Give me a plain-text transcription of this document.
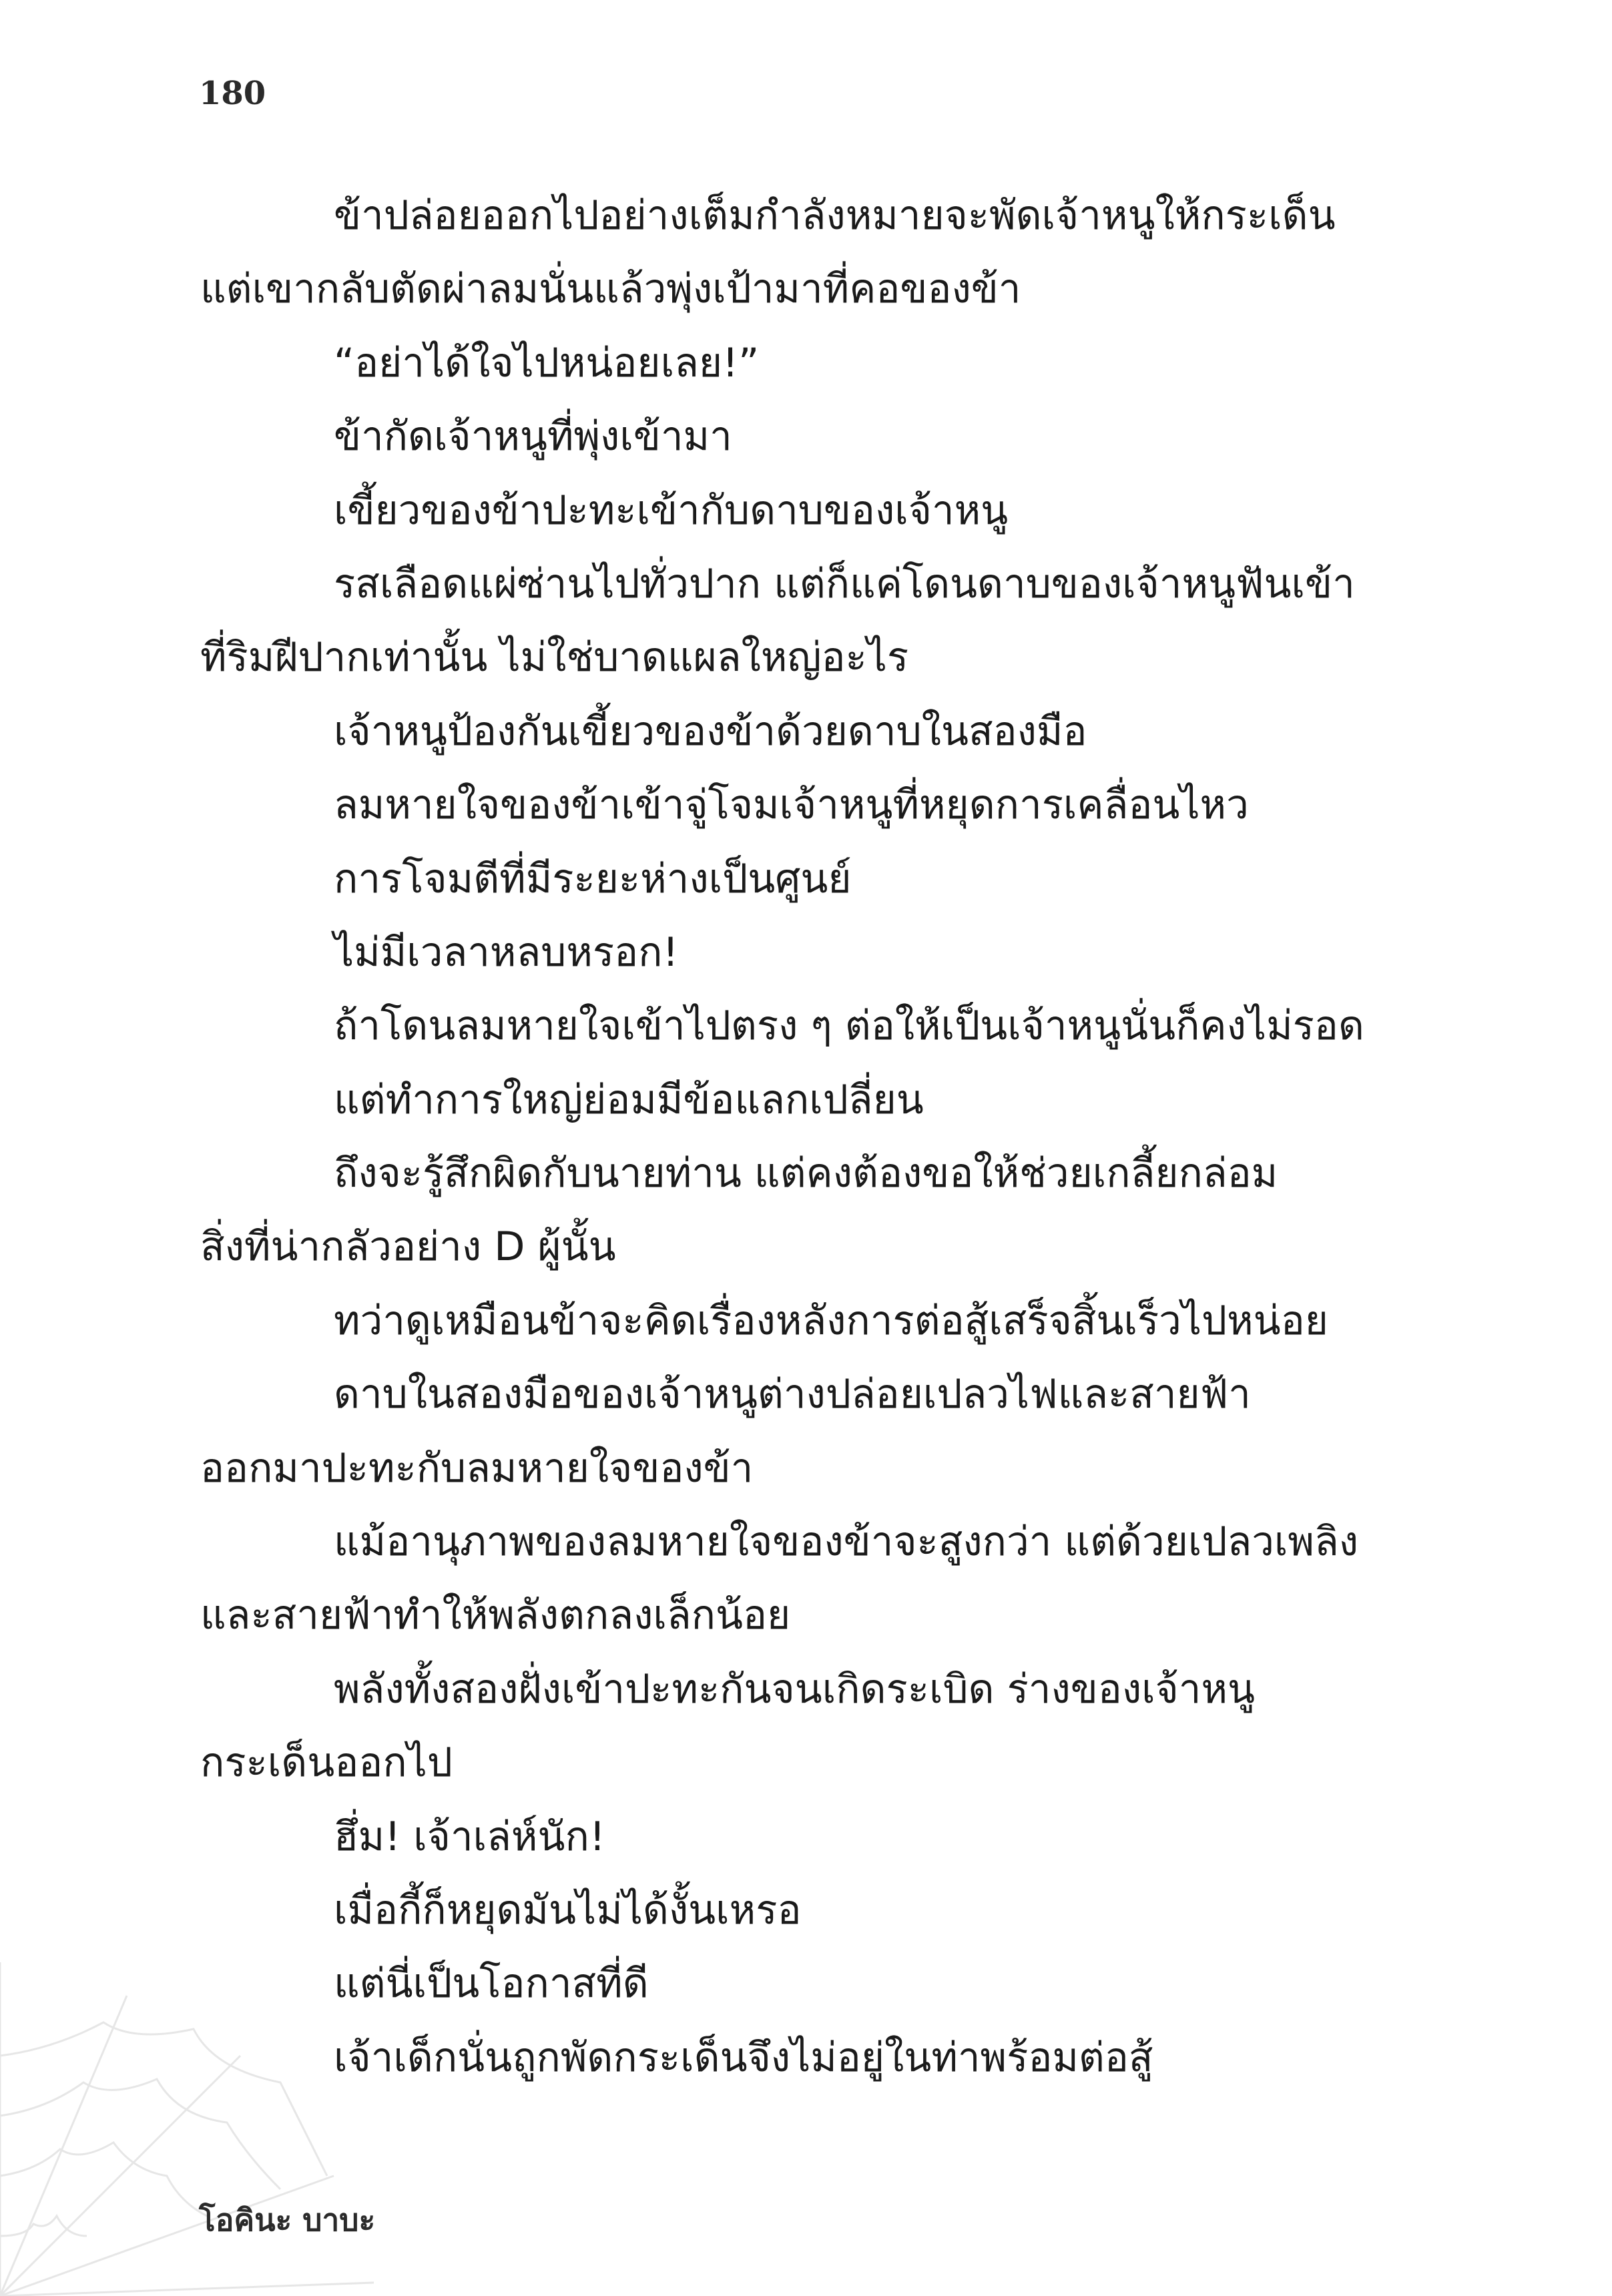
180
ข้าปล่อยออกไปอย่างเต็มกำลังหมายจะพัดเจ้าหนูให้กระเด็น
แต่เขากลับตัดผ่าลมนั่นแล้วพุ่งเป้ามาที่คอของข้า
“อย่าได้ใจไปหน่อยเลย!”
ข้ากัดเจ้าหนูที่พุ่งเข้ามา
เขี้ยวของข้าปะทะเข้ากับดาบของเจ้าหนู
รสเลือดแผ่ซ่านไปทั่วปาก แต่ก็แค่โดนดาบของเจ้าหนูฟันเข้า
ที่ริมฝีปากเท่านั้น ไม่ใช่บาดแผลใหญ่อะไร
เจ้าหนูป้องกันเขี้ยวของข้าด้วยดาบในสองมือ
ลมหายใจของข้าเข้าจู่โจมเจ้าหนูที่หยุดการเคลื่อนไหว
การโจมตีที่มีระยะห่างเป็นศูนย์
ไม่มีเวลาหลบหรอก!
ถ้าโดนลมหายใจเข้าไปตรง ๆ ต่อให้เป็นเจ้าหนูนั่นก็คงไม่รอด
แต่ทำการใหญ่ย่อมมีข้อแลกเปลี่ยน
ถึงจะรู้สึกผิดกับนายท่าน แต่คงต้องขอให้ช่วยเกลี้ยกล่อม
สิ่งที่น่ากลัวอย่าง D ผู้นั้น
ทว่าดูเหมือนข้าจะคิดเรื่องหลังการต่อสู้เสร็จสิ้นเร็วไปหน่อย
ดาบในสองมือของเจ้าหนูต่างปล่อยเปลวไฟและสายฟ้า
ออกมาปะทะกับลมหายใจของข้า
แม้อานุภาพของลมหายใจของข้าจะสูงกว่า แต่ด้วยเปลวเพลิง
และสายฟ้าทำให้พลังตกลงเล็กน้อย
พลังทั้งสองฝั่งเข้าปะทะกันจนเกิดระเบิด ร่างของเจ้าหนู
กระเด็นออกไป
ฮึ่ม! เจ้าเล่ห์นัก!
เมื่อกี้ก็หยุดมันไม่ได้งั้นเหรอ
แต่นี่เป็นโอกาสที่ดี
เจ้าเด็กนั่นถูกพัดกระเด็นจึงไม่อยู่ในท่าพร้อมต่อสู้
โอคินะ บาบะ
